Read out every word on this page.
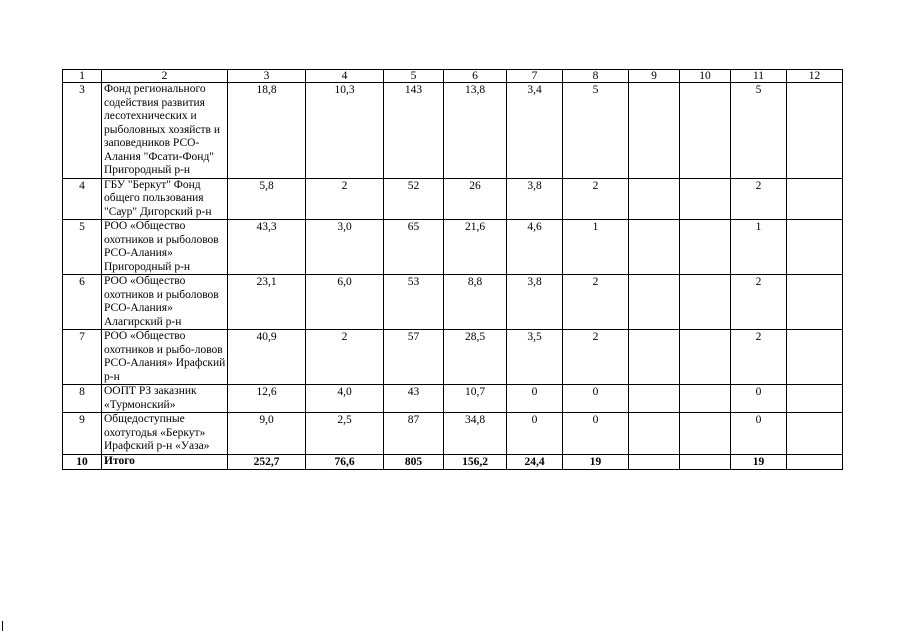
1	2	3	4	5	6	7	8	9	10	11	12
3	Фонд регионального содействия развития лесотехнических и рыболовных хозяйств и заповедников РСО-Алания "Фсати-Фонд" Пригородный р-н	18,8	10,3	143	13,8	3,4	5			5	
4	ГБУ "Беркут" Фонд общего пользования "Саур" Дигорский р-н	5,8	2	52	26	3,8	2			2	
5	РОО «Общество охотников и рыболовов РСО-Алания» Пригородный р-н	43,3	3,0	65	21,6	4,6	1			1	
6	РОО «Общество охотников и рыболовов РСО-Алания» Алагирский р-н	23,1	6,0	53	8,8	3,8	2			2	
7	РОО «Общество охотников и рыбо-ловов РСО-Алания» Ирафский р-н	40,9	2	57	28,5	3,5	2			2	
8	ООПТ РЗ заказник «Турмонский»	12,6	4,0	43	10,7	0	0			0	
9	Общедоступные охотугодья «Беркут» Ирафский р-н «Уаза»	9,0	2,5	87	34,8	0	0			0	
10	Итого	252,7	76,6	805	156,2	24,4	19			19	
